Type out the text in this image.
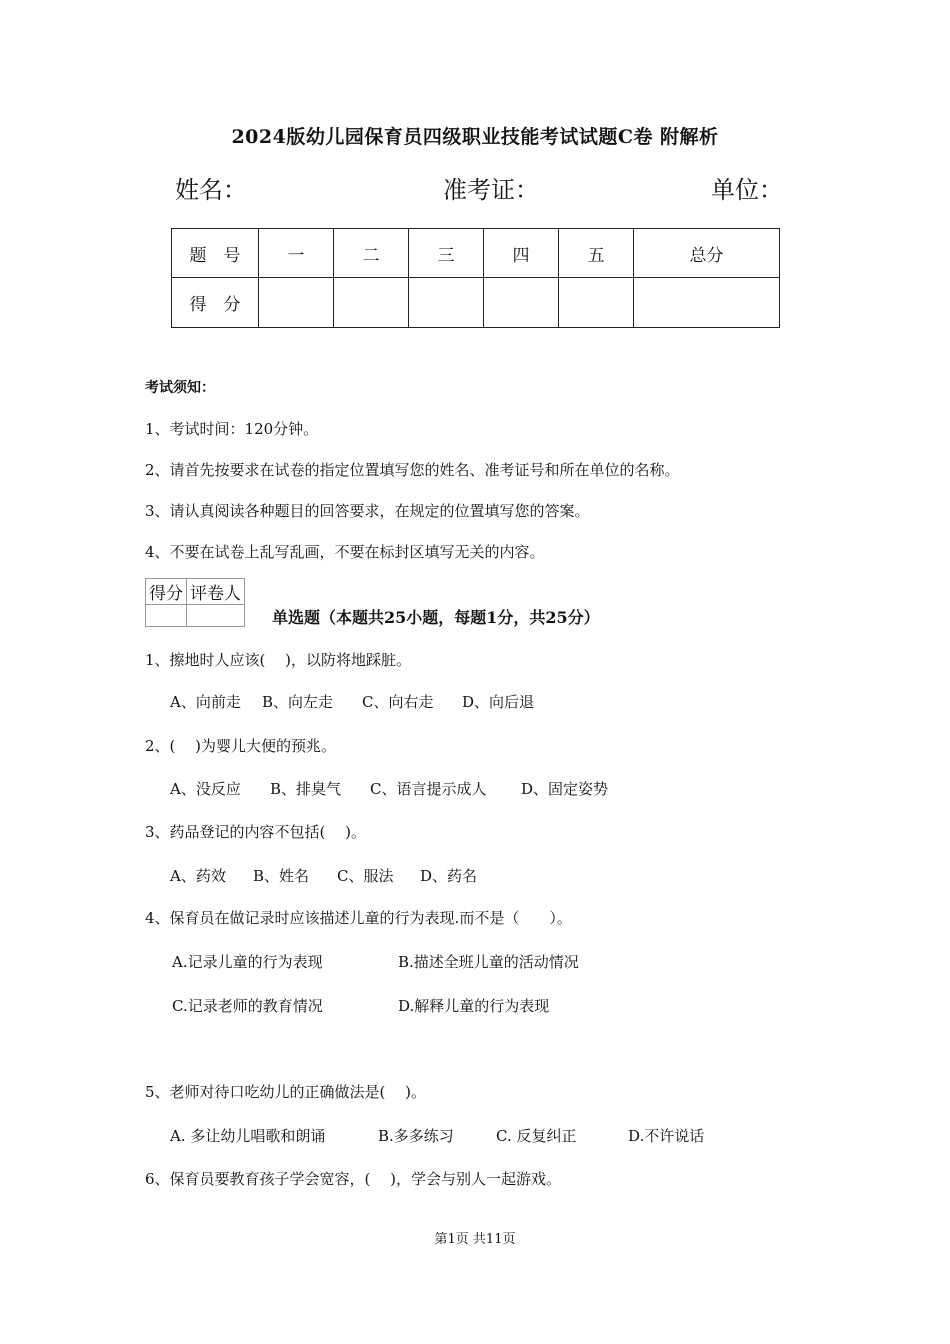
2024版幼儿园保育员四级职业技能考试试题C卷 附解析
姓名：	准考证：	单位：
题　号	一	二	三	四	五	总分
得　分						
考试须知：
1、考试时间：120分钟。
2、请首先按要求在试卷的指定位置填写您的姓名、准考证号和所在单位的名称。
3、请认真阅读各种题目的回答要求，在规定的位置填写您的答案。
4、不要在试卷上乱写乱画，不要在标封区填写无关的内容。
得分	评卷人

单选题（本题共25小题，每题1分，共25分）
1、擦地时人应该(　 )，以防将地踩脏。
A、向前走 B、向左走 C、向右走 D、向后退
2、(　 )为婴儿大便的预兆。
A、没反应 B、排臭气 C、语言提示成人 D、固定姿势
3、药品登记的内容不包括(　 )。
A、药效 B、姓名 C、服法 D、药名
4、保育员在做记录时应该描述儿童的行为表现.而不是（　　）。
A.记录儿童的行为表现	B.描述全班儿童的活动情况
C.记录老师的教育情况	D.解释儿童的行为表现
5、老师对待口吃幼儿的正确做法是(　 )。
A. 多让幼儿唱歌和朗诵	B.多多练习	C. 反复纠正	D.不许说话
6、保育员要教育孩子学会宽容，(　 )，学会与别人一起游戏。
第1页 共11页
